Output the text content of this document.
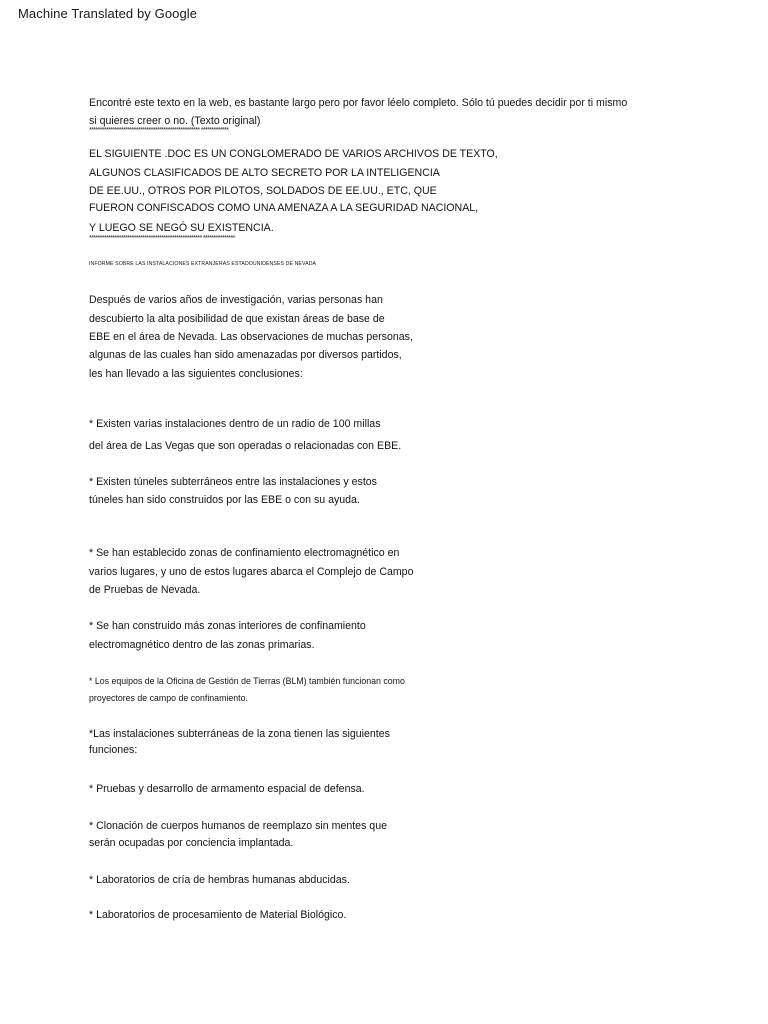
Machine Translated by Google
Encontré este texto en la web, es bastante largo pero por favor léelo completo. Sólo tú puedes decidir por ti mismo
si quieres creer o no. (Texto original)
**************************************************** *************
EL SIGUIENTE .DOC ES UN CONGLOMERADO DE VARIOS ARCHIVOS DE TEXTO,
ALGUNOS CLASIFICADOS DE ALTO SECRETO POR LA INTELIGENCIA
DE EE.UU., OTROS POR PILOTOS, SOLDADOS DE EE.UU., ETC, QUE
FUERON CONFISCADOS COMO UNA AMENAZA A LA SEGURIDAD NACIONAL,
Y LUEGO SE NEGÓ SU EXISTENCIA.
***************************************************** ***************
INFORME SOBRE LAS INSTALACIONES EXTRANJERAS ESTADOUNIDENSES DE NEVADA
Después de varios años de investigación, varias personas han
descubierto la alta posibilidad de que existan áreas de base de
EBE en el área de Nevada. Las observaciones de muchas personas,
algunas de las cuales han sido amenazadas por diversos partidos,
les han llevado a las siguientes conclusiones:
* Existen varias instalaciones dentro de un radio de 100 millas
del área de Las Vegas que son operadas o relacionadas con EBE.
* Existen túneles subterráneos entre las instalaciones y estos
túneles han sido construidos por las EBE o con su ayuda.
* Se han establecido zonas de confinamiento electromagnético en
varios lugares, y uno de estos lugares abarca el Complejo de Campo
de Pruebas de Nevada.
* Se han construido más zonas interiores de confinamiento
electromagnético dentro de las zonas primarias.
* Los equipos de la Oficina de Gestión de Tierras (BLM) también funcionan como
proyectores de campo de confinamiento.
*Las instalaciones subterráneas de la zona tienen las siguientes
funciones:
* Pruebas y desarrollo de armamento espacial de defensa.
* Clonación de cuerpos humanos de reemplazo sin mentes que
serán ocupadas por conciencia implantada.
* Laboratorios de cría de hembras humanas abducidas.
* Laboratorios de procesamiento de Material Biológico.
